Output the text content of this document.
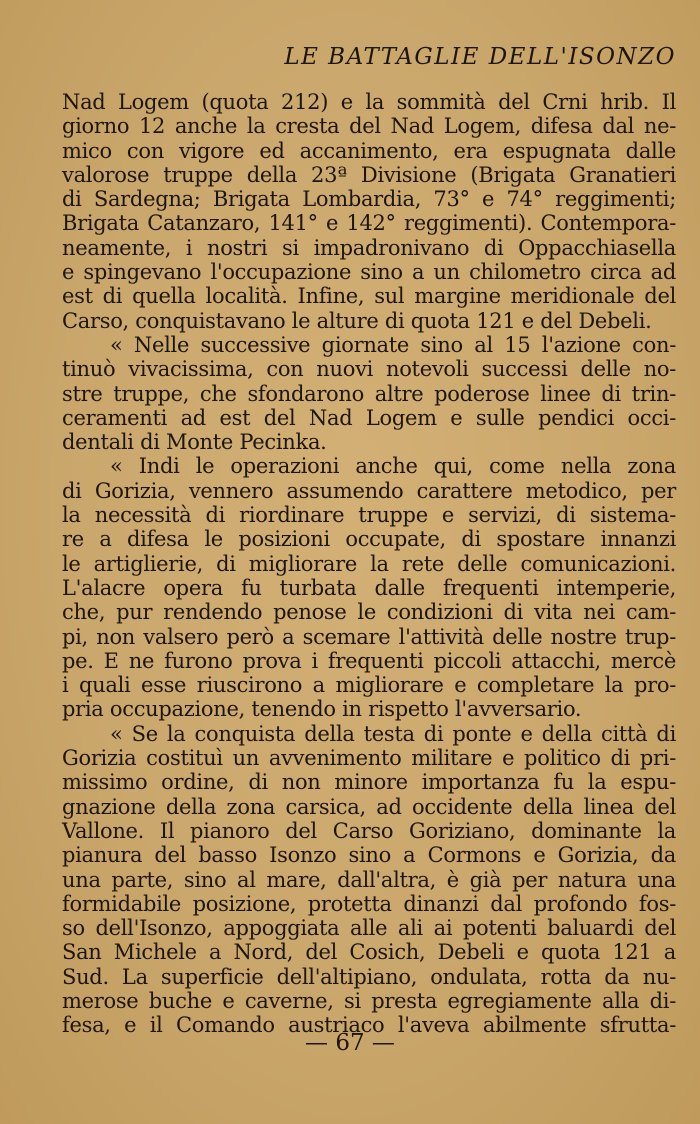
LE BATTAGLIE DELL'ISONZO
Nad Logem (quota 212) e la sommità del Crni hrib. Il
giorno 12 anche la cresta del Nad Logem, difesa dal ne-
mico con vigore ed accanimento, era espugnata dalle
valorose truppe della 23ª Divisione (Brigata Granatieri
di Sardegna; Brigata Lombardia, 73° e 74° reggimenti;
Brigata Catanzaro, 141° e 142° reggimenti). Contempora-
neamente, i nostri si impadronivano di Oppacchiasella
e spingevano l'occupazione sino a un chilometro circa ad
est di quella località. Infine, sul margine meridionale del
Carso, conquistavano le alture di quota 121 e del Debeli.
« Nelle successive giornate sino al 15 l'azione con-
tinuò vivacissima, con nuovi notevoli successi delle no-
stre truppe, che sfondarono altre poderose linee di trin-
ceramenti ad est del Nad Logem e sulle pendici occi-
dentali di Monte Pecinka.
« Indi le operazioni anche qui, come nella zona
di Gorizia, vennero assumendo carattere metodico, per
la necessità di riordinare truppe e servizi, di sistema-
re a difesa le posizioni occupate, di spostare innanzi
le artiglierie, di migliorare la rete delle comunicazioni.
L'alacre opera fu turbata dalle frequenti intemperie,
che, pur rendendo penose le condizioni di vita nei cam-
pi, non valsero però a scemare l'attività delle nostre trup-
pe. E ne furono prova i frequenti piccoli attacchi, mercè
i quali esse riuscirono a migliorare e completare la pro-
pria occupazione, tenendo in rispetto l'avversario.
« Se la conquista della testa di ponte e della città di
Gorizia costituì un avvenimento militare e politico di pri-
missimo ordine, di non minore importanza fu la espu-
gnazione della zona carsica, ad occidente della linea del
Vallone. Il pianoro del Carso Goriziano, dominante la
pianura del basso Isonzo sino a Cormons e Gorizia, da
una parte, sino al mare, dall'altra, è già per natura una
formidabile posizione, protetta dinanzi dal profondo fos-
so dell'Isonzo, appoggiata alle ali ai potenti baluardi del
San Michele a Nord, del Cosich, Debeli e quota 121 a
Sud. La superficie dell'altipiano, ondulata, rotta da nu-
merose buche e caverne, si presta egregiamente alla di-
fesa, e il Comando austriaco l'aveva abilmente sfrutta-
— 67 —
